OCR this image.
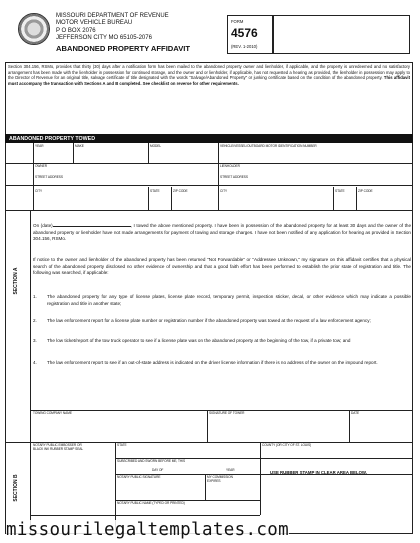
MISSOURI DEPARTMENT OF REVENUE
MOTOR VEHICLE BUREAU
P O BOX 2076
JEFFERSON CITY MO 65105-2076
ABANDONED PROPERTY AFFIDAVIT
FORM
4576
(REV. 1-2010)
Section 304.156, RSMo, provides that thirty (30) days after a notification form has been mailed to the abandoned property owner and lienholder, if applicable, and the property is unredeemed and no satisfactory arrangement has been made with the lienholder in possession for continued storage, and the owner and or lienholder, if applicable, has not requested a hearing as provided, the lienholder in possession may apply to the Director of Revenue for an original title, salvage certificate of title designated with the words "Salvage/Abandoned Property" or junking certificate based on the condition of the abandoned property. This affidavit must accompany the transaction with Sections A and B completed. See checklist on reverse for other requirements.
ABANDONED PROPERTY TOWED
YEAR	MAKE	MODEL	VEHICLE/VESSEL/OUTBOARD MOTOR IDENTIFICATION NUMBER
OWNER	LIENHOLDER
STREET ADDRESS	STREET ADDRESS
CITY	STATE	ZIP CODE	CITY	STATE	ZIP CODE
SECTION A
On (date)	, I towed the above mentioned property. I have been in possession of the abandoned property for at least 30 days and the owner of the abandoned property or lienholder have not made arrangements for payment of towing and storage charges. I have not been notified of any application for hearing as provided in Section 304.156, RSMo.

If notice to the owner and lienholder of the abandoned property has been returned "Not Forwardable" or "Addressee Unknown," my signature on this affidavit certifies that a physical search of the abandoned property disclosed no other evidence of ownership and that a good faith effort has been performed to establish the prior state of registration and title. The following was searched, if applicable:

1. The abandoned property for any type of license plates, license plate record, temporary permit, inspection sticker, decal, or other evidence which may indicate a possible registration and title in another state;
2. The law enforcement report for a license plate number or registration number if the abandoned property was towed at the request of a law enforcement agency;
3. The low ticket/report of the tow truck operator to see if a license plate was on the abandoned property at the beginning of the tow, if a private tow; and
4. The law enforcement report to see if an out-of-state address is indicated on the driver license information if there is no address of the owner on the impound report.
TOWING COMPANY NAME	SIGNATURE OF TOWER	DATE
SECTION B
NOTARY PUBLIC EMBOSSER OR
BLACK INK RUBBER STAMP SEAL
STATE	COUNTY (OR CITY OF ST. LOUIS)
SUBSCRIBED AND SWORN BEFORE ME, THIS
DAY OF	YEAR	USE RUBBER STAMP IN CLEAR AREA BELOW.
NOTARY PUBLIC SIGNATURE	MY COMMISSION
EXPIRES
NOTARY PUBLIC NAME (TYPED OR PRINTED)
missourilegaltemplates.com
